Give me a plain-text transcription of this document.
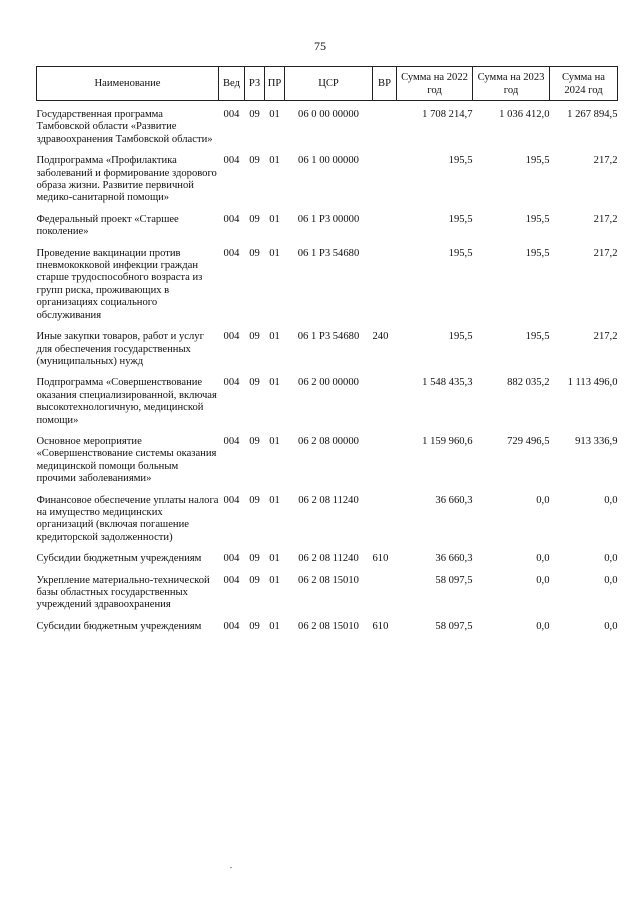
75
Наименование	Вед	РЗ	ПР	ЦСР	ВР	Сумма на 2022 год	Сумма на 2023 год	Сумма на 2024 год
Государственная программа Тамбовской области «Развитие здравоохранения Тамбовской области»	004	09	01	06 0 00 00000		1 708 214,7	1 036 412,0	1 267 894,5
Подпрограмма «Профилактика заболеваний и формирование здорового образа жизни. Развитие первичной медико-санитарной помощи»	004	09	01	06 1 00 00000		195,5	195,5	217,2
Федеральный проект «Старшее поколение»	004	09	01	06 1 P3 00000		195,5	195,5	217,2
Проведение вакцинации против пневмококковой инфекции граждан старше трудоспособного возраста из групп риска, проживающих в организациях социального обслуживания	004	09	01	06 1 P3 54680		195,5	195,5	217,2
Иные закупки товаров, работ и услуг для обеспечения государственных (муниципальных) нужд	004	09	01	06 1 P3 54680	240	195,5	195,5	217,2
Подпрограмма «Совершенствование оказания специализированной, включая высокотехнологичную, медицинской помощи»	004	09	01	06 2 00 00000		1 548 435,3	882 035,2	1 113 496,0
Основное мероприятие «Совершенствование системы оказания медицинской помощи больным прочими заболеваниями»	004	09	01	06 2 08 00000		1 159 960,6	729 496,5	913 336,9
Финансовое обеспечение уплаты налога на имущество медицинских организаций (включая погашение кредиторской задолженности)	004	09	01	06 2 08 11240		36 660,3	0,0	0,0
Субсидии бюджетным учреждениям	004	09	01	06 2 08 11240	610	36 660,3	0,0	0,0
Укрепление материально-технической базы областных государственных учреждений здравоохранения	004	09	01	06 2 08 15010		58 097,5	0,0	0,0
Субсидии бюджетным учреждениям	004	09	01	06 2 08 15010	610	58 097,5	0,0	0,0
